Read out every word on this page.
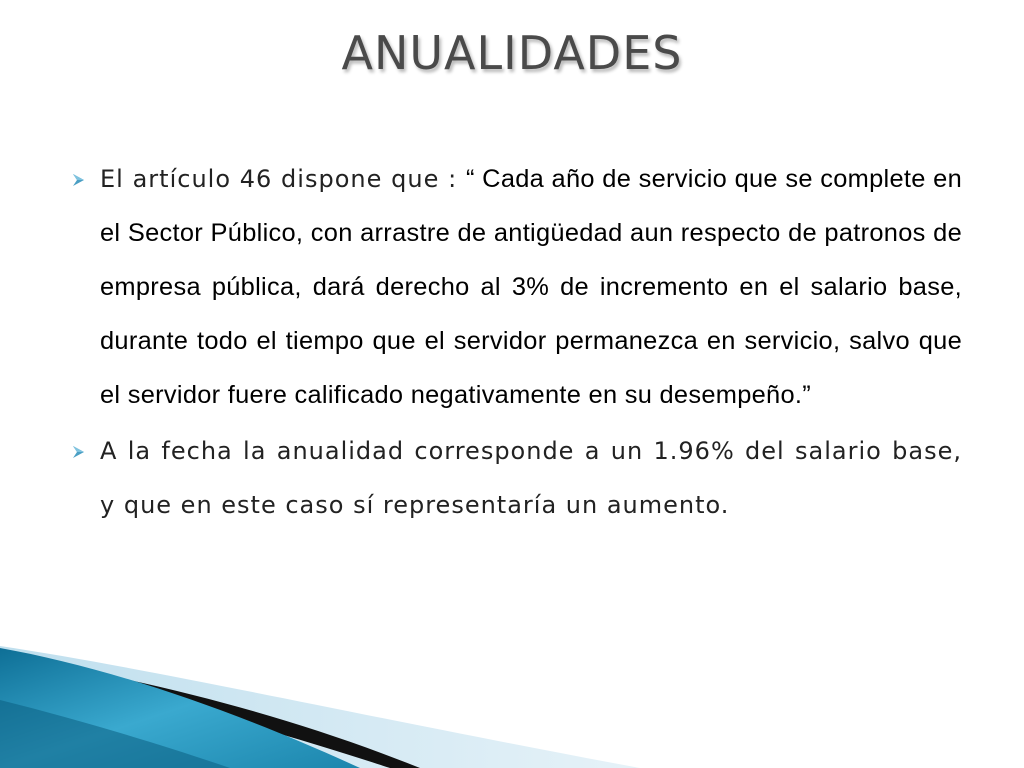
ANUALIDADES
El artículo 46 dispone que : “ Cada año de servicio que se complete en el Sector Público, con arrastre de antigüedad aun respecto de patronos de empresa pública, dará derecho al 3% de incremento en el salario base, durante todo el tiempo que el servidor permanezca en servicio, salvo que el servidor fuere calificado negativamente en su desempeño.”
A la fecha la anualidad corresponde a un 1.96% del salario base, y que en este caso sí representaría un aumento.
